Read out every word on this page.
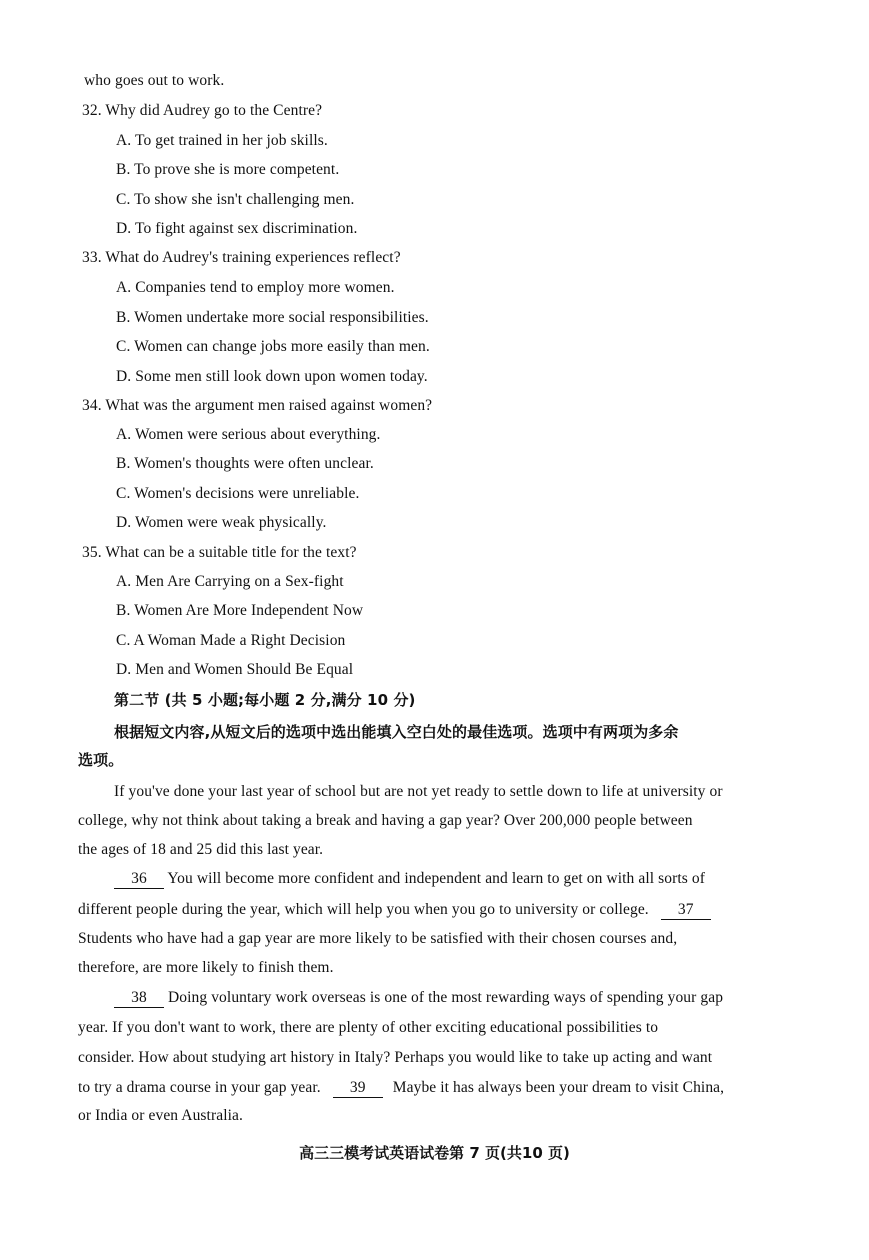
who goes out to work.
32. Why did Audrey go to the Centre?
A. To get trained in her job skills.
B. To prove she is more competent.
C. To show she isn't challenging men.
D. To fight against sex discrimination.
33. What do Audrey's training experiences reflect?
A. Companies tend to employ more women.
B. Women undertake more social responsibilities.
C. Women can change jobs more easily than men.
D. Some men still look down upon women today.
34. What was the argument men raised against women?
A. Women were serious about everything.
B. Women's thoughts were often unclear.
C. Women's decisions were unreliable.
D. Women were weak physically.
35. What can be a suitable title for the text?
A. Men Are Carrying on a Sex-fight
B. Women Are More Independent Now
C. A Woman Made a Right Decision
D. Men and Women Should Be Equal
第二节 (共 5 小题;每小题 2 分,满分 10 分)
根据短文内容,从短文后的选项中选出能填入空白处的最佳选项。选项中有两项为多余
选项。
If you've done your last year of school but are not yet ready to settle down to life at university or
college, why not think about taking a break and having a gap year? Over 200,000 people between
the ages of 18 and 25 did this last year.
36 You will become more confident and independent and learn to get on with all sorts of
different people during the year, which will help you when you go to university or college. 37
Students who have had a gap year are more likely to be satisfied with their chosen courses and,
therefore, are more likely to finish them.
38 Doing voluntary work overseas is one of the most rewarding ways of spending your gap
year. If you don't want to work, there are plenty of other exciting educational possibilities to
consider. How about studying art history in Italy? Perhaps you would like to take up acting and want
to try a drama course in your gap year. 39 Maybe it has always been your dream to visit China,
or India or even Australia.
高三三模考试英语试卷第 7 页(共10 页)
